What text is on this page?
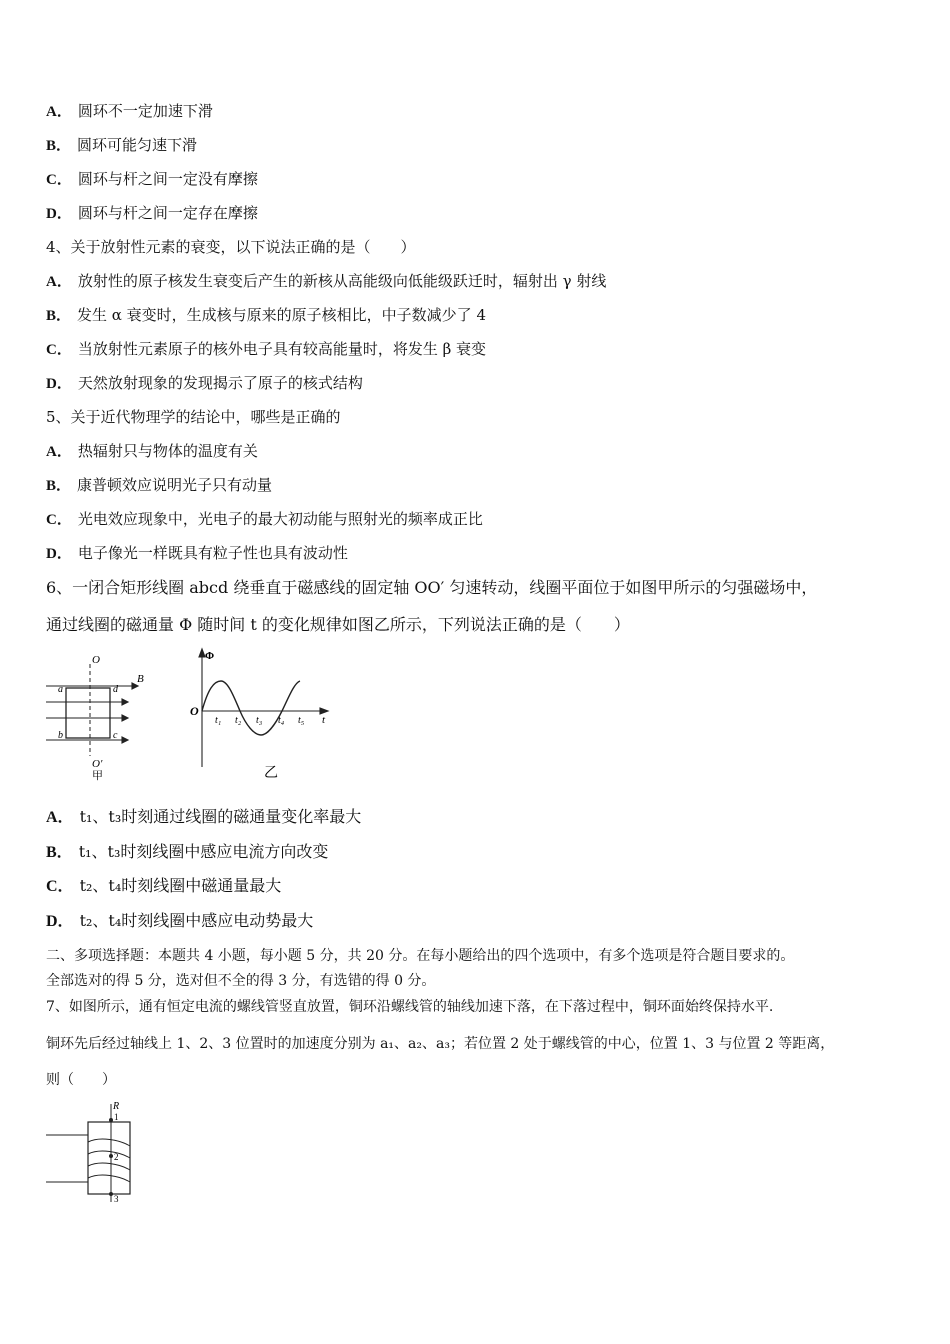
A． 圆环不一定加速下滑
B． 圆环可能匀速下滑
C． 圆环与杆之间一定没有摩擦
D． 圆环与杆之间一定存在摩擦
4、关于放射性元素的衰变，以下说法正确的是（　　）
A． 放射性的原子核发生衰变后产生的新核从高能级向低能级跃迁时，辐射出 γ 射线
B． 发生 α 衰变时，生成核与原来的原子核相比，中子数减少了 4
C． 当放射性元素原子的核外电子具有较高能量时，将发生 β 衰变
D． 天然放射现象的发现揭示了原子的核式结构
5、关于近代物理学的结论中，哪些是正确的
A． 热辐射只与物体的温度有关
B． 康普顿效应说明光子只有动量
C． 光电效应现象中，光电子的最大初动能与照射光的频率成正比
D． 电子像光一样既具有粒子性也具有波动性
6、一闭合矩形线圈 abcd 绕垂直于磁感线的固定轴 OO′ 匀速转动，线圈平面位于如图甲所示的匀强磁场中，
通过线圈的磁通量 Φ 随时间 t 的变化规律如图乙所示，下列说法正确的是（　　）
O
O′
B
a	d
b	c
甲
O
Φ
t
t₁ t₂ t₃ t₄ t₅
乙
A． t₁、t₃时刻通过线圈的磁通量变化率最大
B． t₁、t₃时刻线圈中感应电流方向改变
C． t₂、t₄时刻线圈中磁通量最大
D． t₂、t₄时刻线圈中感应电动势最大
二、多项选择题：本题共 4 小题，每小题 5 分，共 20 分。在每小题给出的四个选项中，有多个选项是符合题目要求的。
全部选对的得 5 分，选对但不全的得 3 分，有选错的得 0 分。
7、如图所示，通有恒定电流的螺线管竖直放置，铜环沿螺线管的轴线加速下落，在下落过程中，铜环面始终保持水平.
铜环先后经过轴线上 1、2、3 位置时的加速度分别为 a₁、a₂、a₃；若位置 2 处于螺线管的中心，位置 1、3 与位置 2 等距离，
则（　　）
R
1
2
3
